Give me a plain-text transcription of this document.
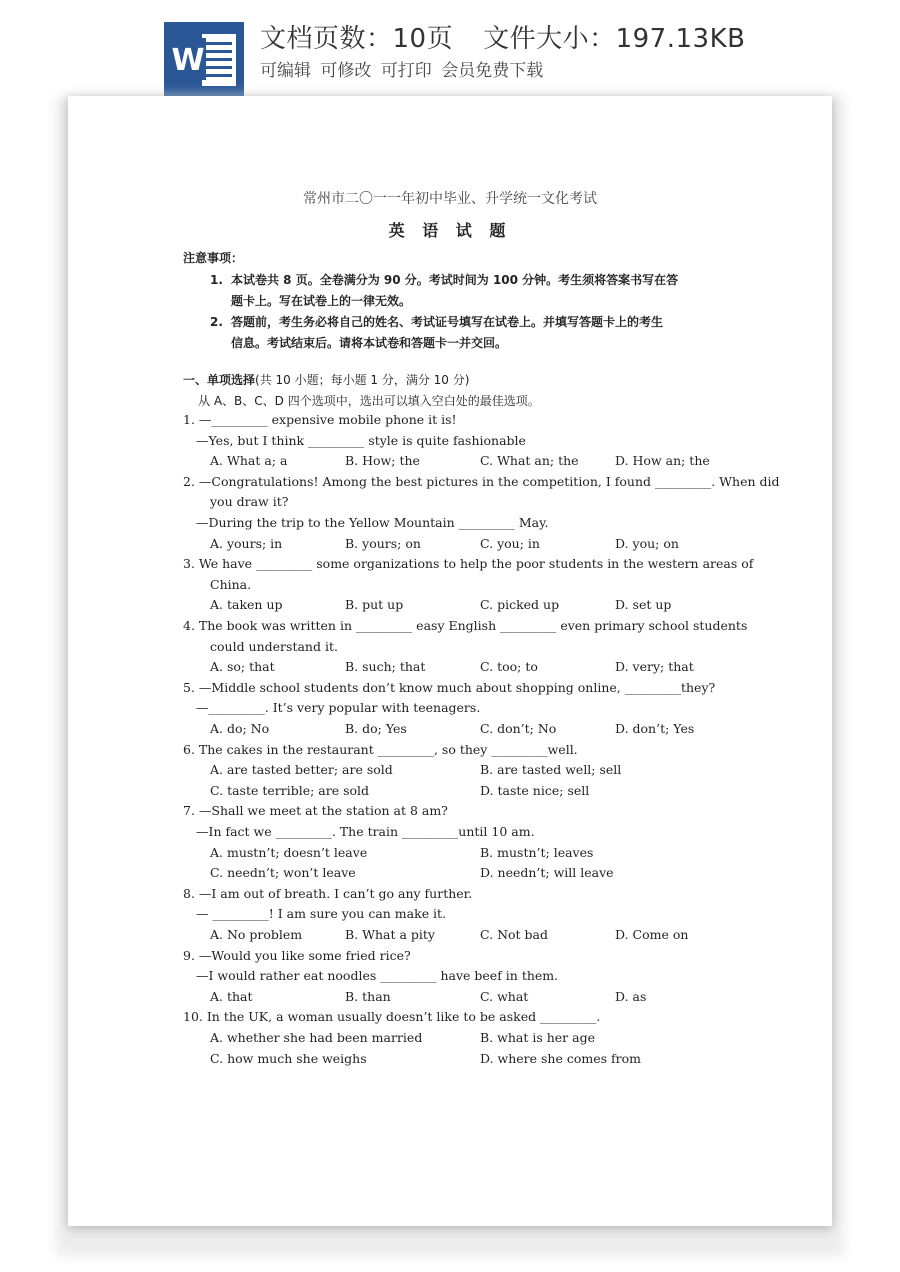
W
文档页数：10页 文件大小：197.13KB
可编辑 可修改 可打印 会员免费下载
常州市二〇一一年初中毕业、升学统一文化考试
英 语 试 题
注意事项：
1. 本试卷共 8 页。全卷满分为 90 分。考试时间为 100 分钟。考生须将答案书写在答
题卡上。写在试卷上的一律无效。
2. 答题前，考生务必将自己的姓名、考试证号填写在试卷上。并填写答题卡上的考生
信息。考试结束后。请将本试卷和答题卡一并交回。
一、单项选择(共 10 小题；每小题 1 分，满分 10 分)
从 A、B、C、D 四个选项中，选出可以填入空白处的最佳选项。
1. —_________ expensive mobile phone it is!
—Yes, but I think _________ style is quite fashionable
A. What a; a	B. How; the	C. What an; the	D. How an; the
2. —Congratulations! Among the best pictures in the competition, I found _________. When did
you draw it?
—During the trip to the Yellow Mountain _________ May.
A. yours; in	B. yours; on	C. you; in	D. you; on
3. We have _________ some organizations to help the poor students in the western areas of
China.
A. taken up	B. put up	C. picked up	D. set up
4. The book was written in _________ easy English _________ even primary school students
could understand it.
A. so; that	B. such; that	C. too; to	D. very; that
5. —Middle school students don’t know much about shopping online, _________they?
—_________. It’s very popular with teenagers.
A. do; No	B. do; Yes	C. don’t; No	D. don’t; Yes
6. The cakes in the restaurant _________, so they _________well.
A. are tasted better; are sold	B. are tasted well; sell
C. taste terrible; are sold	D. taste nice; sell
7. —Shall we meet at the station at 8 am?
—In fact we _________. The train _________until 10 am.
A. mustn’t; doesn’t leave	B. mustn’t; leaves
C. needn’t; won’t leave	D. needn’t; will leave
8. —I am out of breath. I can’t go any further.
— _________! I am sure you can make it.
A. No problem	B. What a pity	C. Not bad	D. Come on
9. —Would you like some fried rice?
—I would rather eat noodles _________ have beef in them.
A. that	B. than	C. what	D. as
10. In the UK, a woman usually doesn’t like to be asked _________.
A. whether she had been married	B. what is her age
C. how much she weighs	D. where she comes from
